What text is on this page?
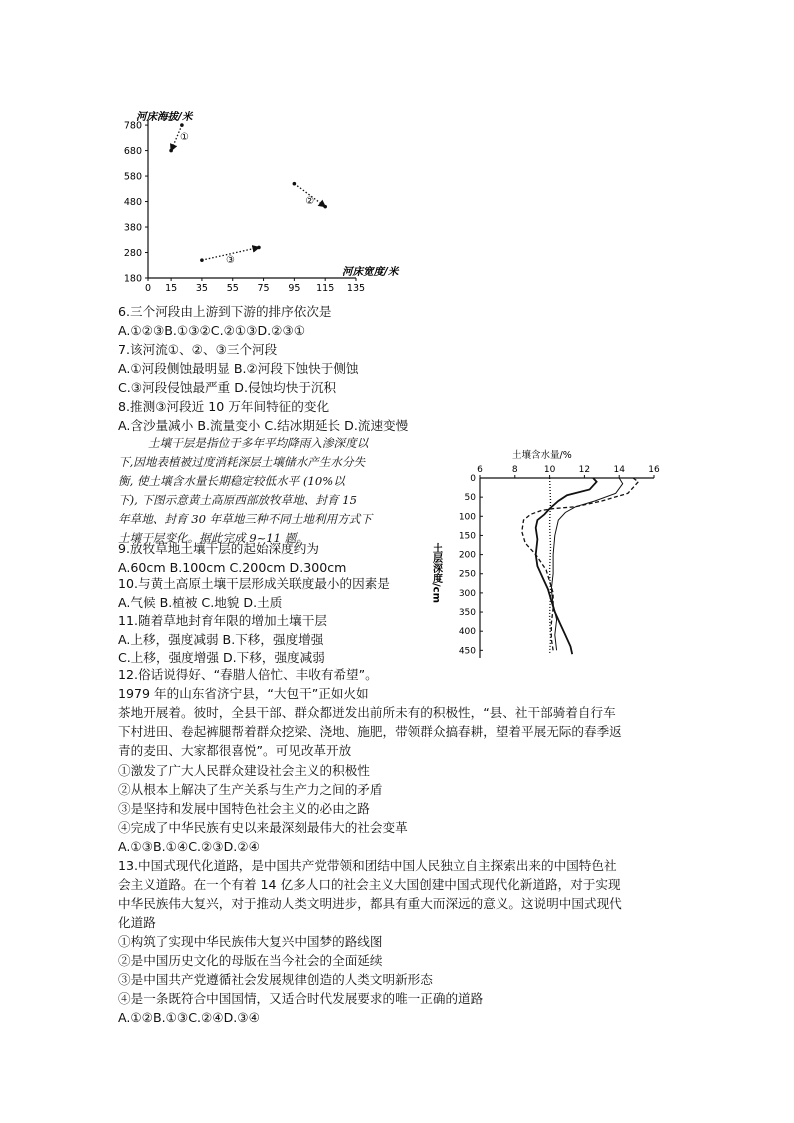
0 15 35 55 75 95 115 135
180
280
380
480
580
680
780
①
②
③
河床海拔/米
河床宽度/米
6.三个河段由上游到下游的排序依次是
A.①②③B.①③②C.②①③D.②③①
7.该河流①、②、③三个河段
A.①河段侧蚀最明显 B.②河段下蚀快于侧蚀
C.③河段侵蚀最严重 D.侵蚀均快于沉积
8.推测③河段近 10 万年间特征的变化
A.含沙量减小 B.流量变小 C.结冰期延长 D.流速变慢
土壤干层是指位于多年平均降雨入渗深度以
下,因地表植被过度消耗深层土壤储水产生水分失
衡, 使土壤含水量长期稳定较低水平 (10%以
下), 下图示意黄土高原西部放牧草地、封育 15
年草地、封育 30 年草地三种不同土地利用方式下
土壤干层变化。据此完成 9~11 题。
6	8	10	12	14	16
0
50
100
150
200
250
300
350
400
450
土壤含水量/%
土层深度/cm
9.放牧草地土壤干层的起始深度约为
A.60cm B.100cm C.200cm D.300cm
10.与黄土高原土壤干层形成关联度最小的因素是
A.气候 B.植被 C.地貌 D.土质
11.随着草地封育年限的增加土壤干层
A.上移，强度减弱 B.下移，强度增强
C.上移，强度增强 D.下移，强度减弱
12.俗话说得好、“春腊人倍忙、丰收有希望”。
1979 年的山东省济宁县，“大包干”正如火如
茶地开展着。彼时，全县干部、群众都迸发出前所未有的积极性，“县、社干部骑着自行车
下村进田、卷起裤腿帮着群众挖梁、浇地、施肥，带领群众搞春耕，望着平展无际的春季返
青的麦田、大家都很喜悦”。可见改革开放
①激发了广大人民群众建设社会主义的积极性
②从根本上解决了生产关系与生产力之间的矛盾
③是坚持和发展中国特色社会主义的必由之路
④完成了中华民族有史以来最深刻最伟大的社会变革
A.①③B.①④C.②③D.②④
13.中国式现代化道路，是中国共产党带领和团结中国人民独立自主探索出来的中国特色社
会主义道路。在一个有着 14 亿多人口的社会主义大国创建中国式现代化新道路，对于实现
中华民族伟大复兴，对于推动人类文明进步，都具有重大而深远的意义。这说明中国式现代
化道路
①构筑了实现中华民族伟大复兴中国梦的路线图
②是中国历史文化的母版在当今社会的全面延续
③是中国共产党遵循社会发展规律创造的人类文明新形态
④是一条既符合中国国情，又适合时代发展要求的唯一正确的道路
A.①②B.①③C.②④D.③④
